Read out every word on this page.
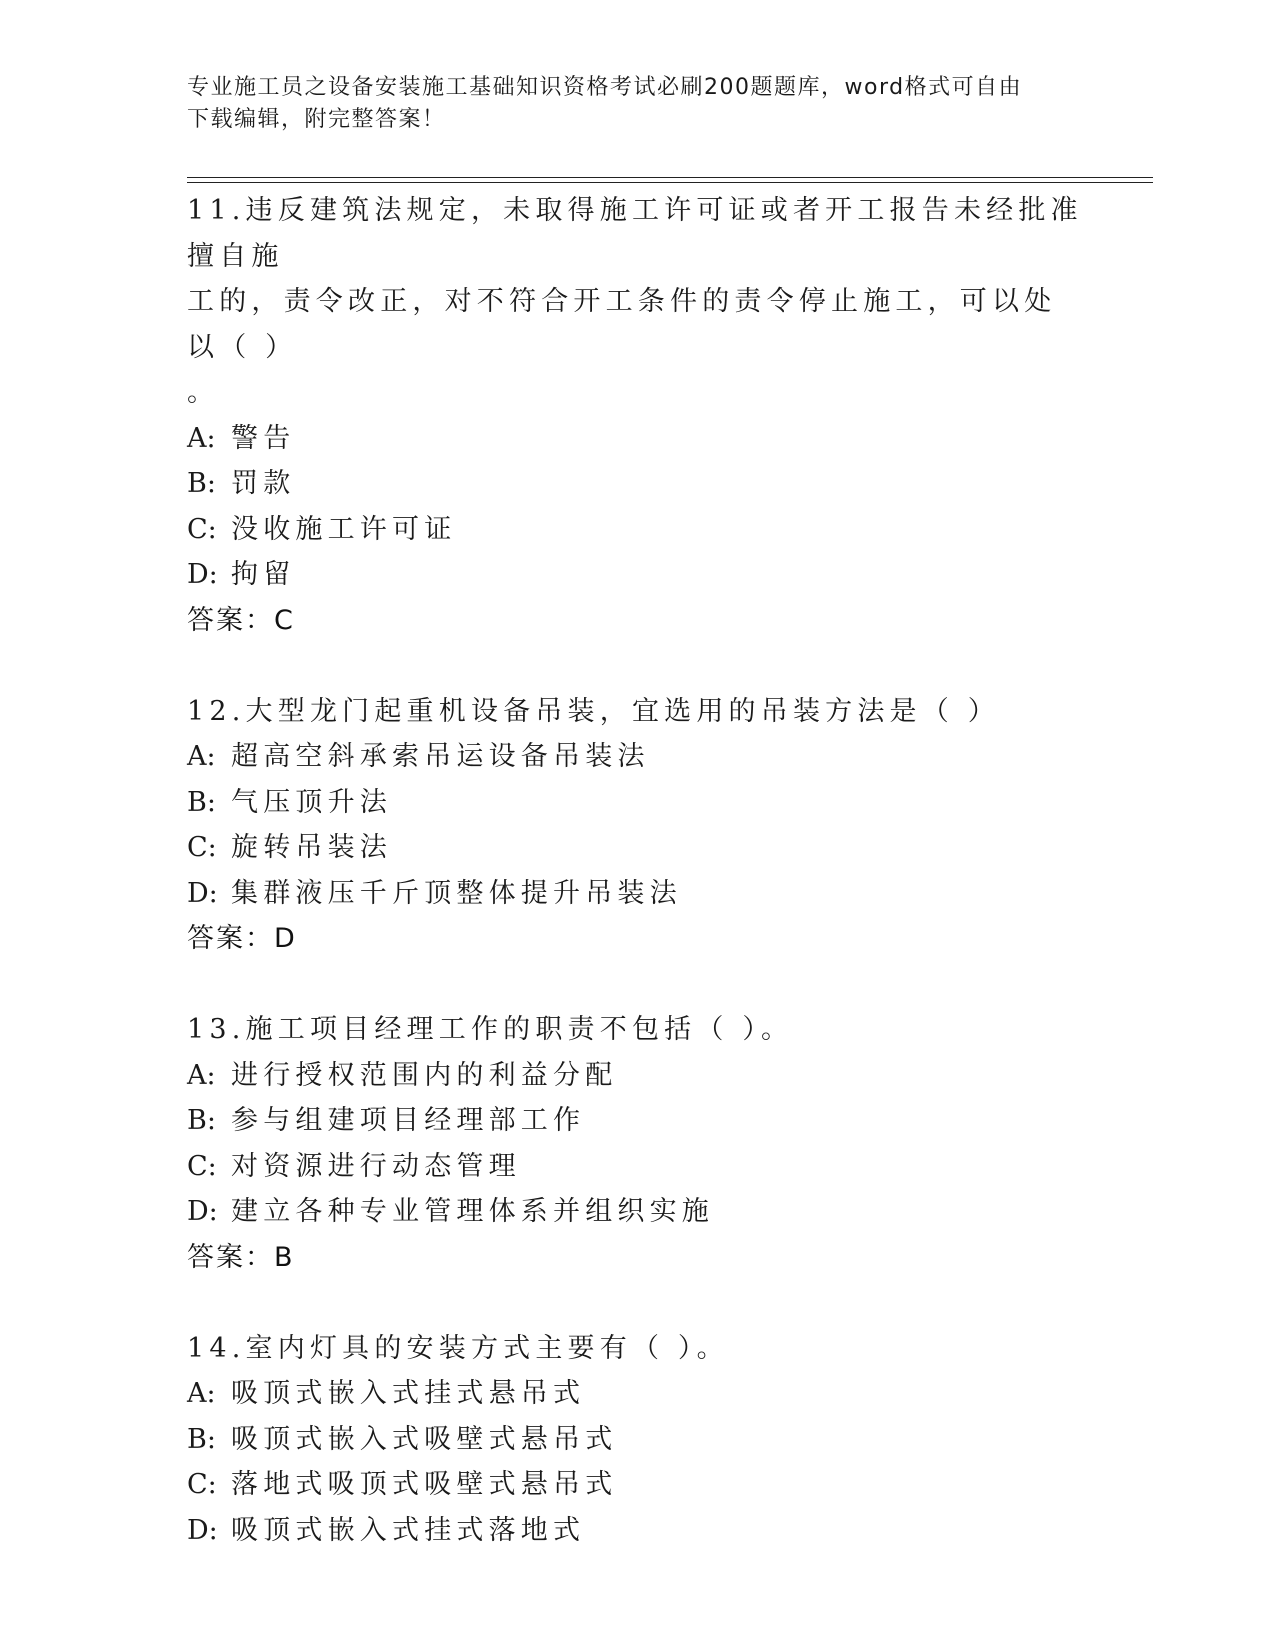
专业施工员之设备安装施工基础知识资格考试必刷200题题库，word格式可自由
下载编辑，附完整答案！
11.违反建筑法规定，未取得施工许可证或者开工报告未经批准擅自施
工的，责令改正，对不符合开工条件的责令停止施工，可以处以（ ）
。
A: 警告
B: 罚款
C: 没收施工许可证
D: 拘留
答案：C
12.大型龙门起重机设备吊装，宜选用的吊装方法是（ ）
A: 超高空斜承索吊运设备吊装法
B: 气压顶升法
C: 旋转吊装法
D: 集群液压千斤顶整体提升吊装法
答案：D
13.施工项目经理工作的职责不包括（ ）。
A: 进行授权范围内的利益分配
B: 参与组建项目经理部工作
C: 对资源进行动态管理
D: 建立各种专业管理体系并组织实施
答案：B
14.室内灯具的安装方式主要有（ ）。
A: 吸顶式嵌入式挂式悬吊式
B: 吸顶式嵌入式吸壁式悬吊式
C: 落地式吸顶式吸壁式悬吊式
D: 吸顶式嵌入式挂式落地式
